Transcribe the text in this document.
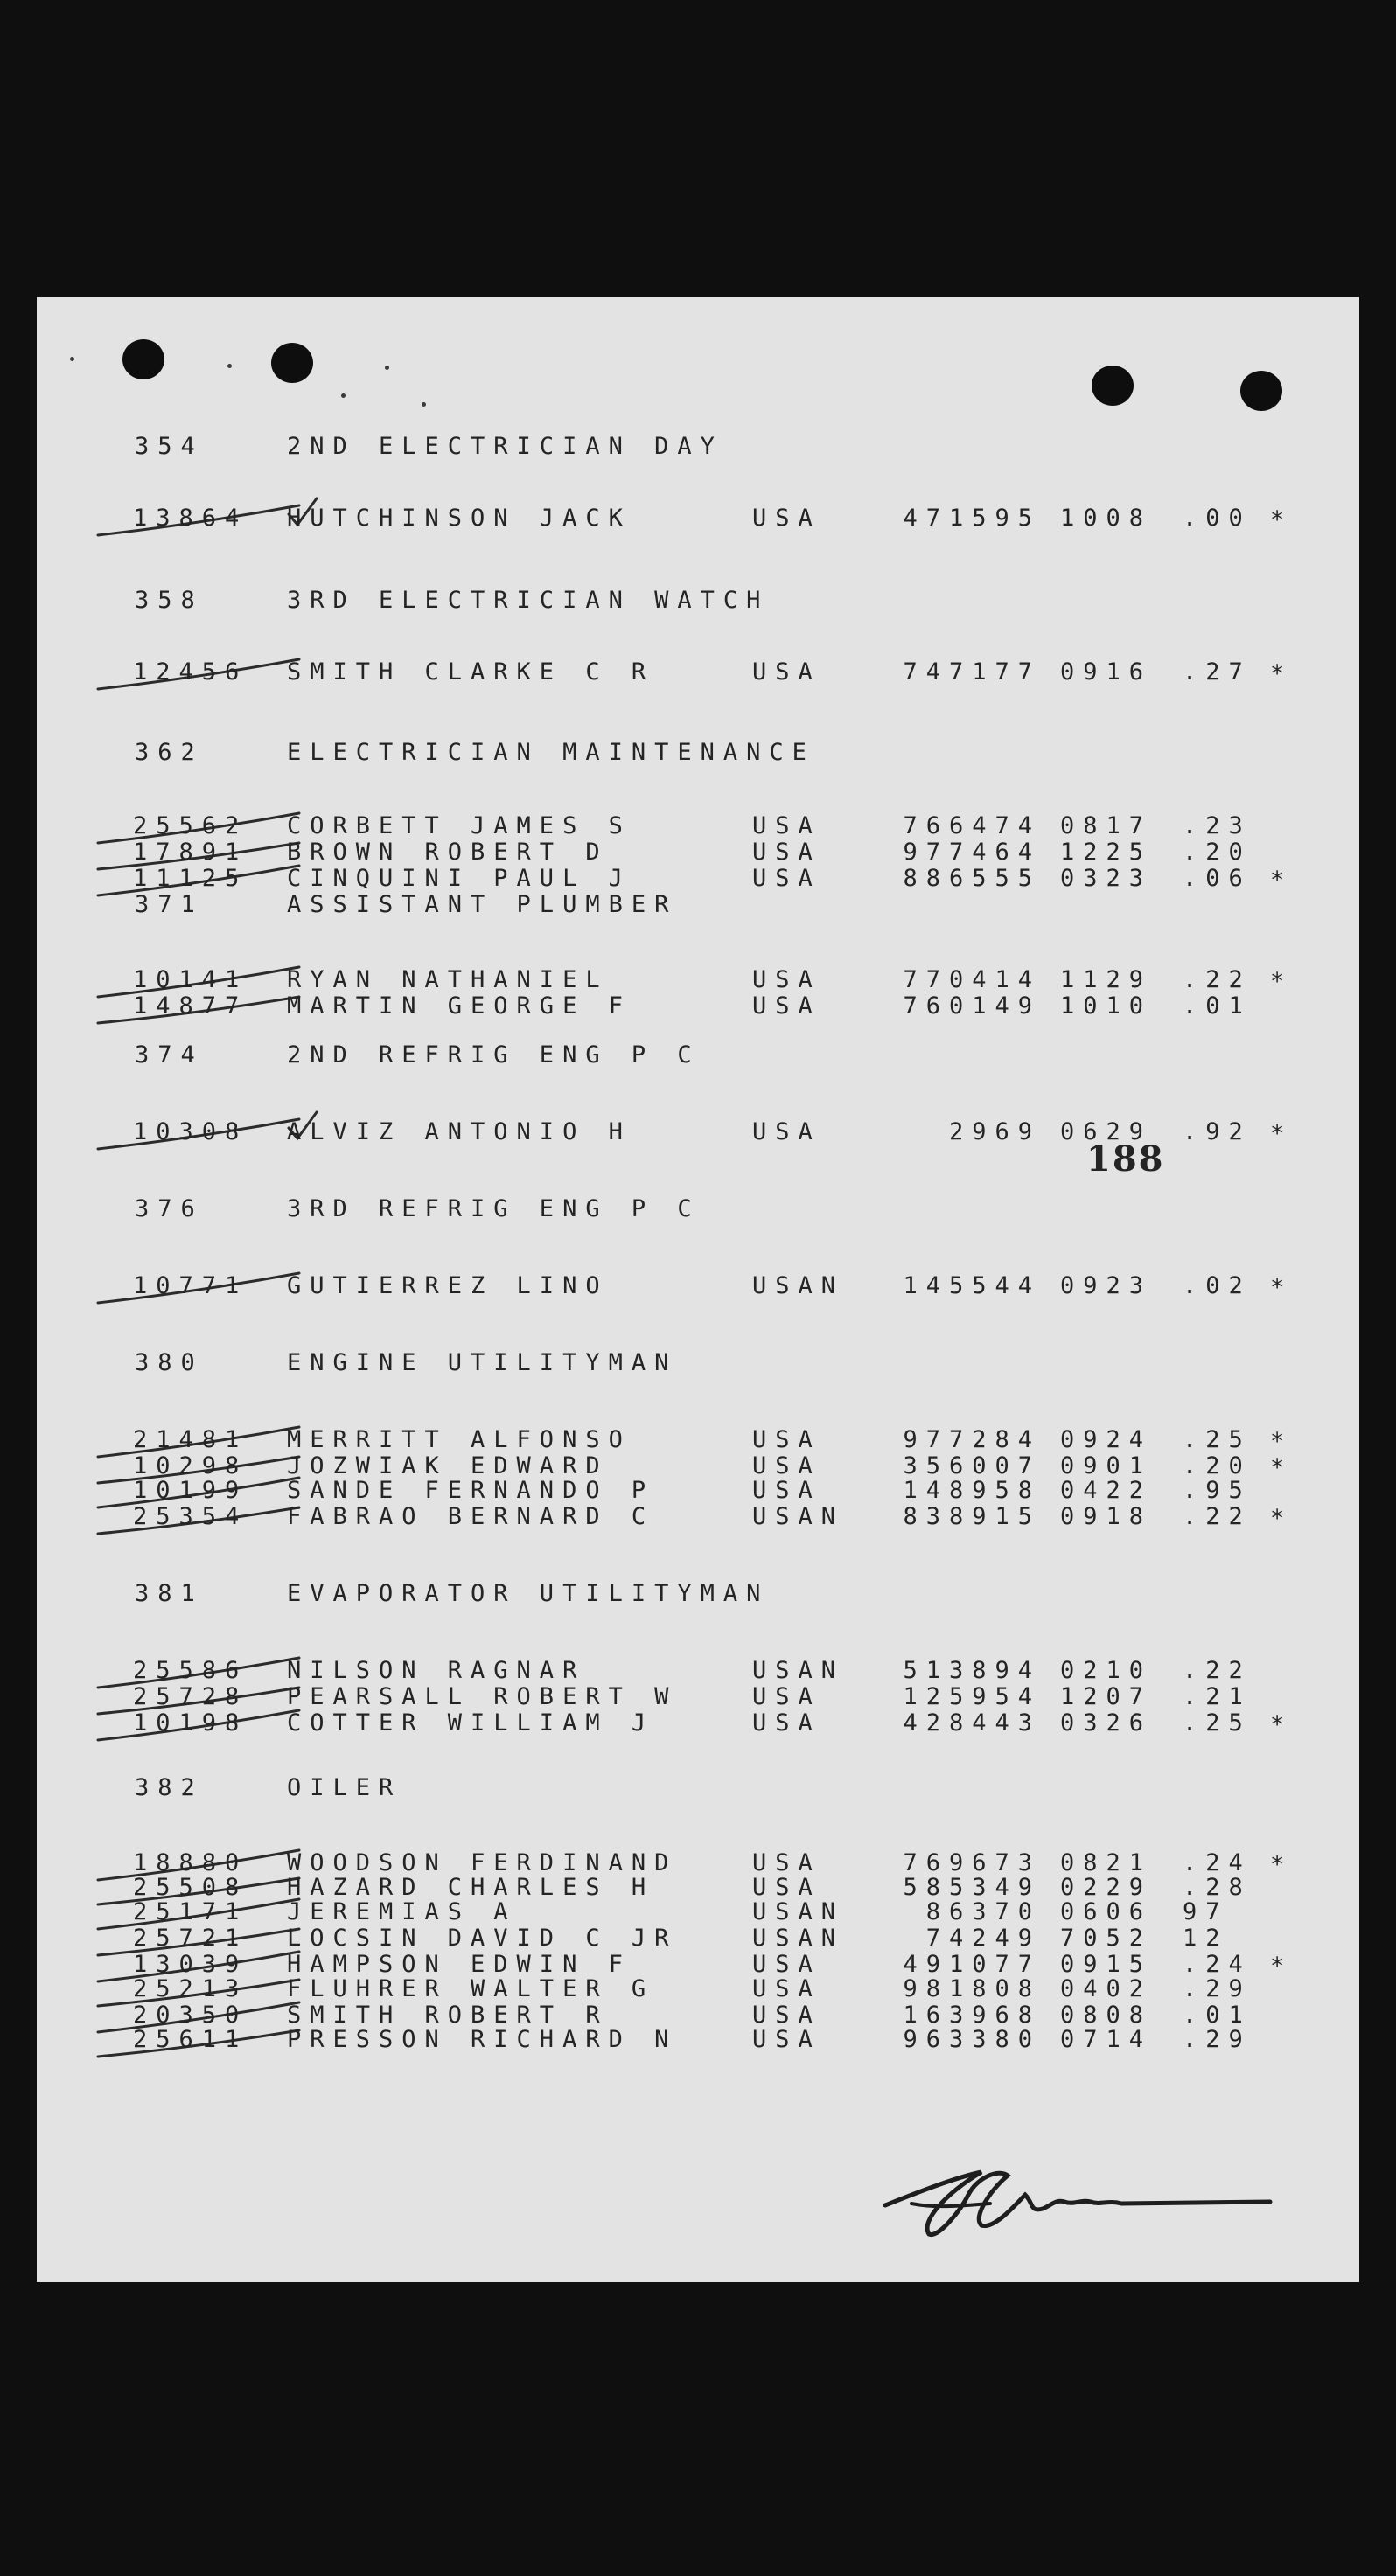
188
354	2ND ELECTRICIAN DAY
13864 HUTCHINSON JACK	USA	471595 1008 .00 *
358	3RD ELECTRICIAN WATCH
12456 SMITH CLARKE C R	USA	747177 0916 .27 *
362	ELECTRICIAN MAINTENANCE
25562 CORBETT JAMES S	USA	766474 0817 .23
17891 BROWN ROBERT D	USA	977464 1225 .20
11125 CINQUINI PAUL J	USA	886555 0323 .06 *
371	ASSISTANT PLUMBER
10141 RYAN NATHANIEL	USA	770414 1129 .22 *
14877 MARTIN GEORGE F	USA	760149 1010 .01
374	2ND REFRIG ENG P C
10308 ALVIZ ANTONIO H	USA	2969 0629 .92 *
376	3RD REFRIG ENG P C
10771 GUTIERREZ LINO	USAN 145544 0923 .02 *
380	ENGINE UTILITYMAN
21481 MERRITT ALFONSO	USA	977284 0924 .25 *
10298 JOZWIAK EDWARD	USA	356007 0901 .20 *
10199 SANDE FERNANDO P	USA	148958 0422 .95
25354 FABRAO BERNARD C	USAN 838915 0918 .22 *
381	EVAPORATOR UTILITYMAN
25586 NILSON RAGNAR	USAN 513894 0210 .22
25728 PEARSALL ROBERT W	USA	125954 1207 .21
10198 COTTER WILLIAM J	USA	428443 0326 .25 *
382	OILER
18880 WOODSON FERDINAND	USA	769673 0821 .24 *
25508 HAZARD CHARLES H	USA	585349 0229 .28
25171 JEREMIAS A	USAN	86370 0606 97
25721 LOCSIN DAVID C JR	USAN	74249 7052 12
13039 HAMPSON EDWIN F	USA	491077 0915 .24 *
25213 FLUHRER WALTER G	USA	981808 0402 .29
20350 SMITH ROBERT R	USA	163968 0808 .01
25611 PRESSON RICHARD N	USA	963380 0714 .29
